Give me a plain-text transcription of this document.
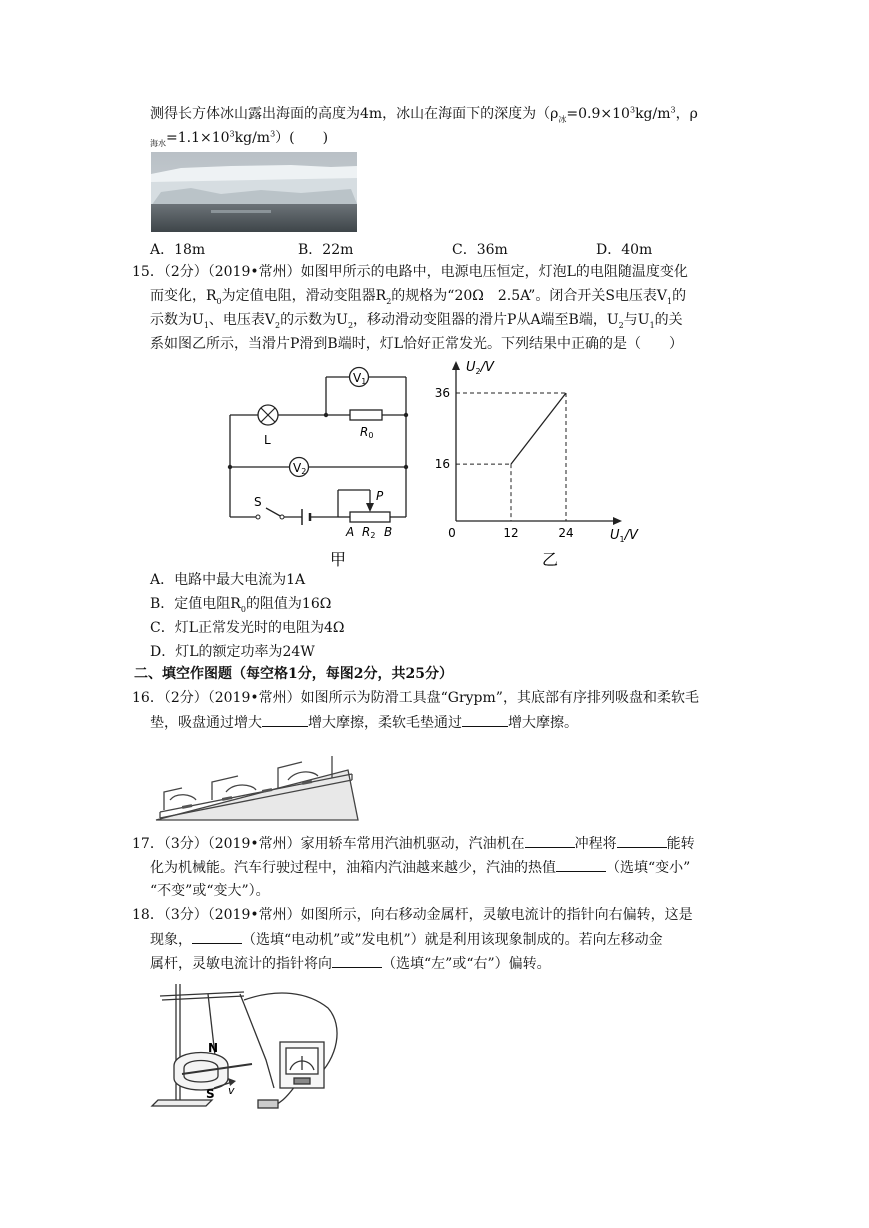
测得长方体冰山露出海面的高度为4m，冰山在海面下的深度为（$\rho_冰=0.9\times 10^3kg/m^3$，ρ
$_{海水}=1.1\times 10^3kg/m^3$）(　　)
A．18m	B．22m	C．36m	D．40m
15．（2分）（2019•常州）如图甲所示的电路中，电源电压恒定，灯泡L的电阻随温度变化
而变化，$R_0$为定值电阻，滑动变阻器$R_2$的规格为“20Ω　2.5A”。闭合开关S电压表$V_1$的
示数为$U_1$、电压表$V_2$的示数为$U_2$，移动滑动变阻器的滑片P从A端至B端，$U_2$与$U_1$的关
系如图乙所示，当滑片P滑到B端时，灯L恰好正常发光。下列结果中正确的是（　　）
V1
L
R0
V2
S	P
A R2 B
甲
$U_2/V$
$U_1/V$
16
36
0	12	24
乙
A．电路中最大电流为1A
B．定值电阻$R_0$的阻值为16Ω
C．灯L正常发光时的电阻为4Ω
D．灯L的额定功率为24W
二、填空作图题（每空格1分，每图2分，共25分）
16．（2分）（2019•常州）如图所示为防滑工具盘“Grypm”，其底部有序排列吸盘和柔软毛
垫，吸盘通过增大	增大摩擦，柔软毛垫通过	增大摩擦。
17．（3分）（2019•常州）家用轿车常用汽油机驱动，汽油机在	冲程将	能转
化为机械能。汽车行驶过程中，油箱内汽油越来越少，汽油的热值	（选填“变小”
“不变”或“变大”）。
18．（3分）（2019•常州）如图所示，向右移动金属杆，灵敏电流计的指针向右偏转，这是
现象，	（选填“电动机”或”发电机”）就是利用该现象制成的。若向左移动金
属杆，灵敏电流计的指针将向	（选填“左”或“右”）偏转。
N
S v
